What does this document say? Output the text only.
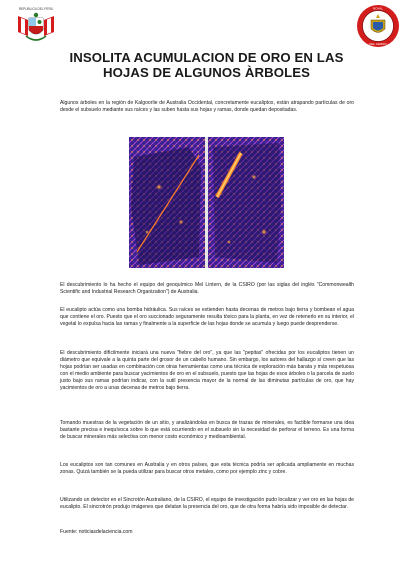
REPUBLICA DEL PERU	ROYAL
DEL CERRO
INSOLITA ACUMULACION DE ORO EN LAS
HOJAS DE ALGUNOS ÀRBOLES

Algunos árboles en la región de Kalgoorlie de Australia Occidental, concretamente eucaliptos, están atrapando partículas de oro desde el subsuelo mediante sus raíces y las suben hasta sus hojas y ramas, donde quedan depositadas.

El descubrimiento lo ha hecho el equipo del geoquímico Mel Lintern, de la CSIRO (por las siglas del inglés "Commonwealth Scientific and Industrial Research Organization") de Australia.

El eucalipto actúa como una bomba hidráulica. Sus raíces se extienden hasta decenas de metros bajo tierra y bombean el agua que contiene el oro. Puesto que el oro succionado seguramente resulta tóxico para la planta, en vez de retenerlo en su interior, el vegetal lo expulsa hacia las ramas y finalmente a la superficie de las hojas donde se acumula y luego puede desprenderse.

El descubrimiento difícilmente iniciará una nueva "fiebre del oro", ya que las "pepitas" ofrecidas por los eucaliptos tienen un diámetro que equivale a la quinta parte del grosor de un cabello humano. Sin embargo, los autores del hallazgo sí creen que las hojas podrían ser usadas en combinación con otras herramientas como una técnica de exploración más barata y más respetuosa con el medio ambiente para buscar yacimientos de oro en el subsuelo, puesto que las hojas de esos árboles o la parcela de suelo justo bajo sus ramas podrían indicar, con la sutil presencia mayor de la normal de las diminutas partículas de oro, que hay yacimientos de oro a unas decenas de metros bajo tierra.

Tomando muestras de la vegetación de un sitio, y analizándolas en busca de trazas de minerales, es factible formarse una idea bastante precisa e inequívoca sobre lo que está ocurriendo en el subsuelo sin la necesidad de perforar el terreno. Es una forma de buscar minerales más selectiva con menor costo económico y medioambiental.

Los eucaliptos son tan comunes en Australia y en otros países, que esta técnica podría ser aplicada ampliamente en muchas zonas. Quizá también se la pueda utilizar para buscar otros metales, como por ejemplo zinc y cobre.

Utilizando un detector en el Sincrotón Australiano, de la CSIRO, el equipo de investigación pudo localizar y ver oro en las hojas de eucalipto. El sincrotrón produjo imágenes que delatan la presencia del oro, que de otra forma habría sido imposible de detectar.

Fuente: noticiasdelaciencia.com
